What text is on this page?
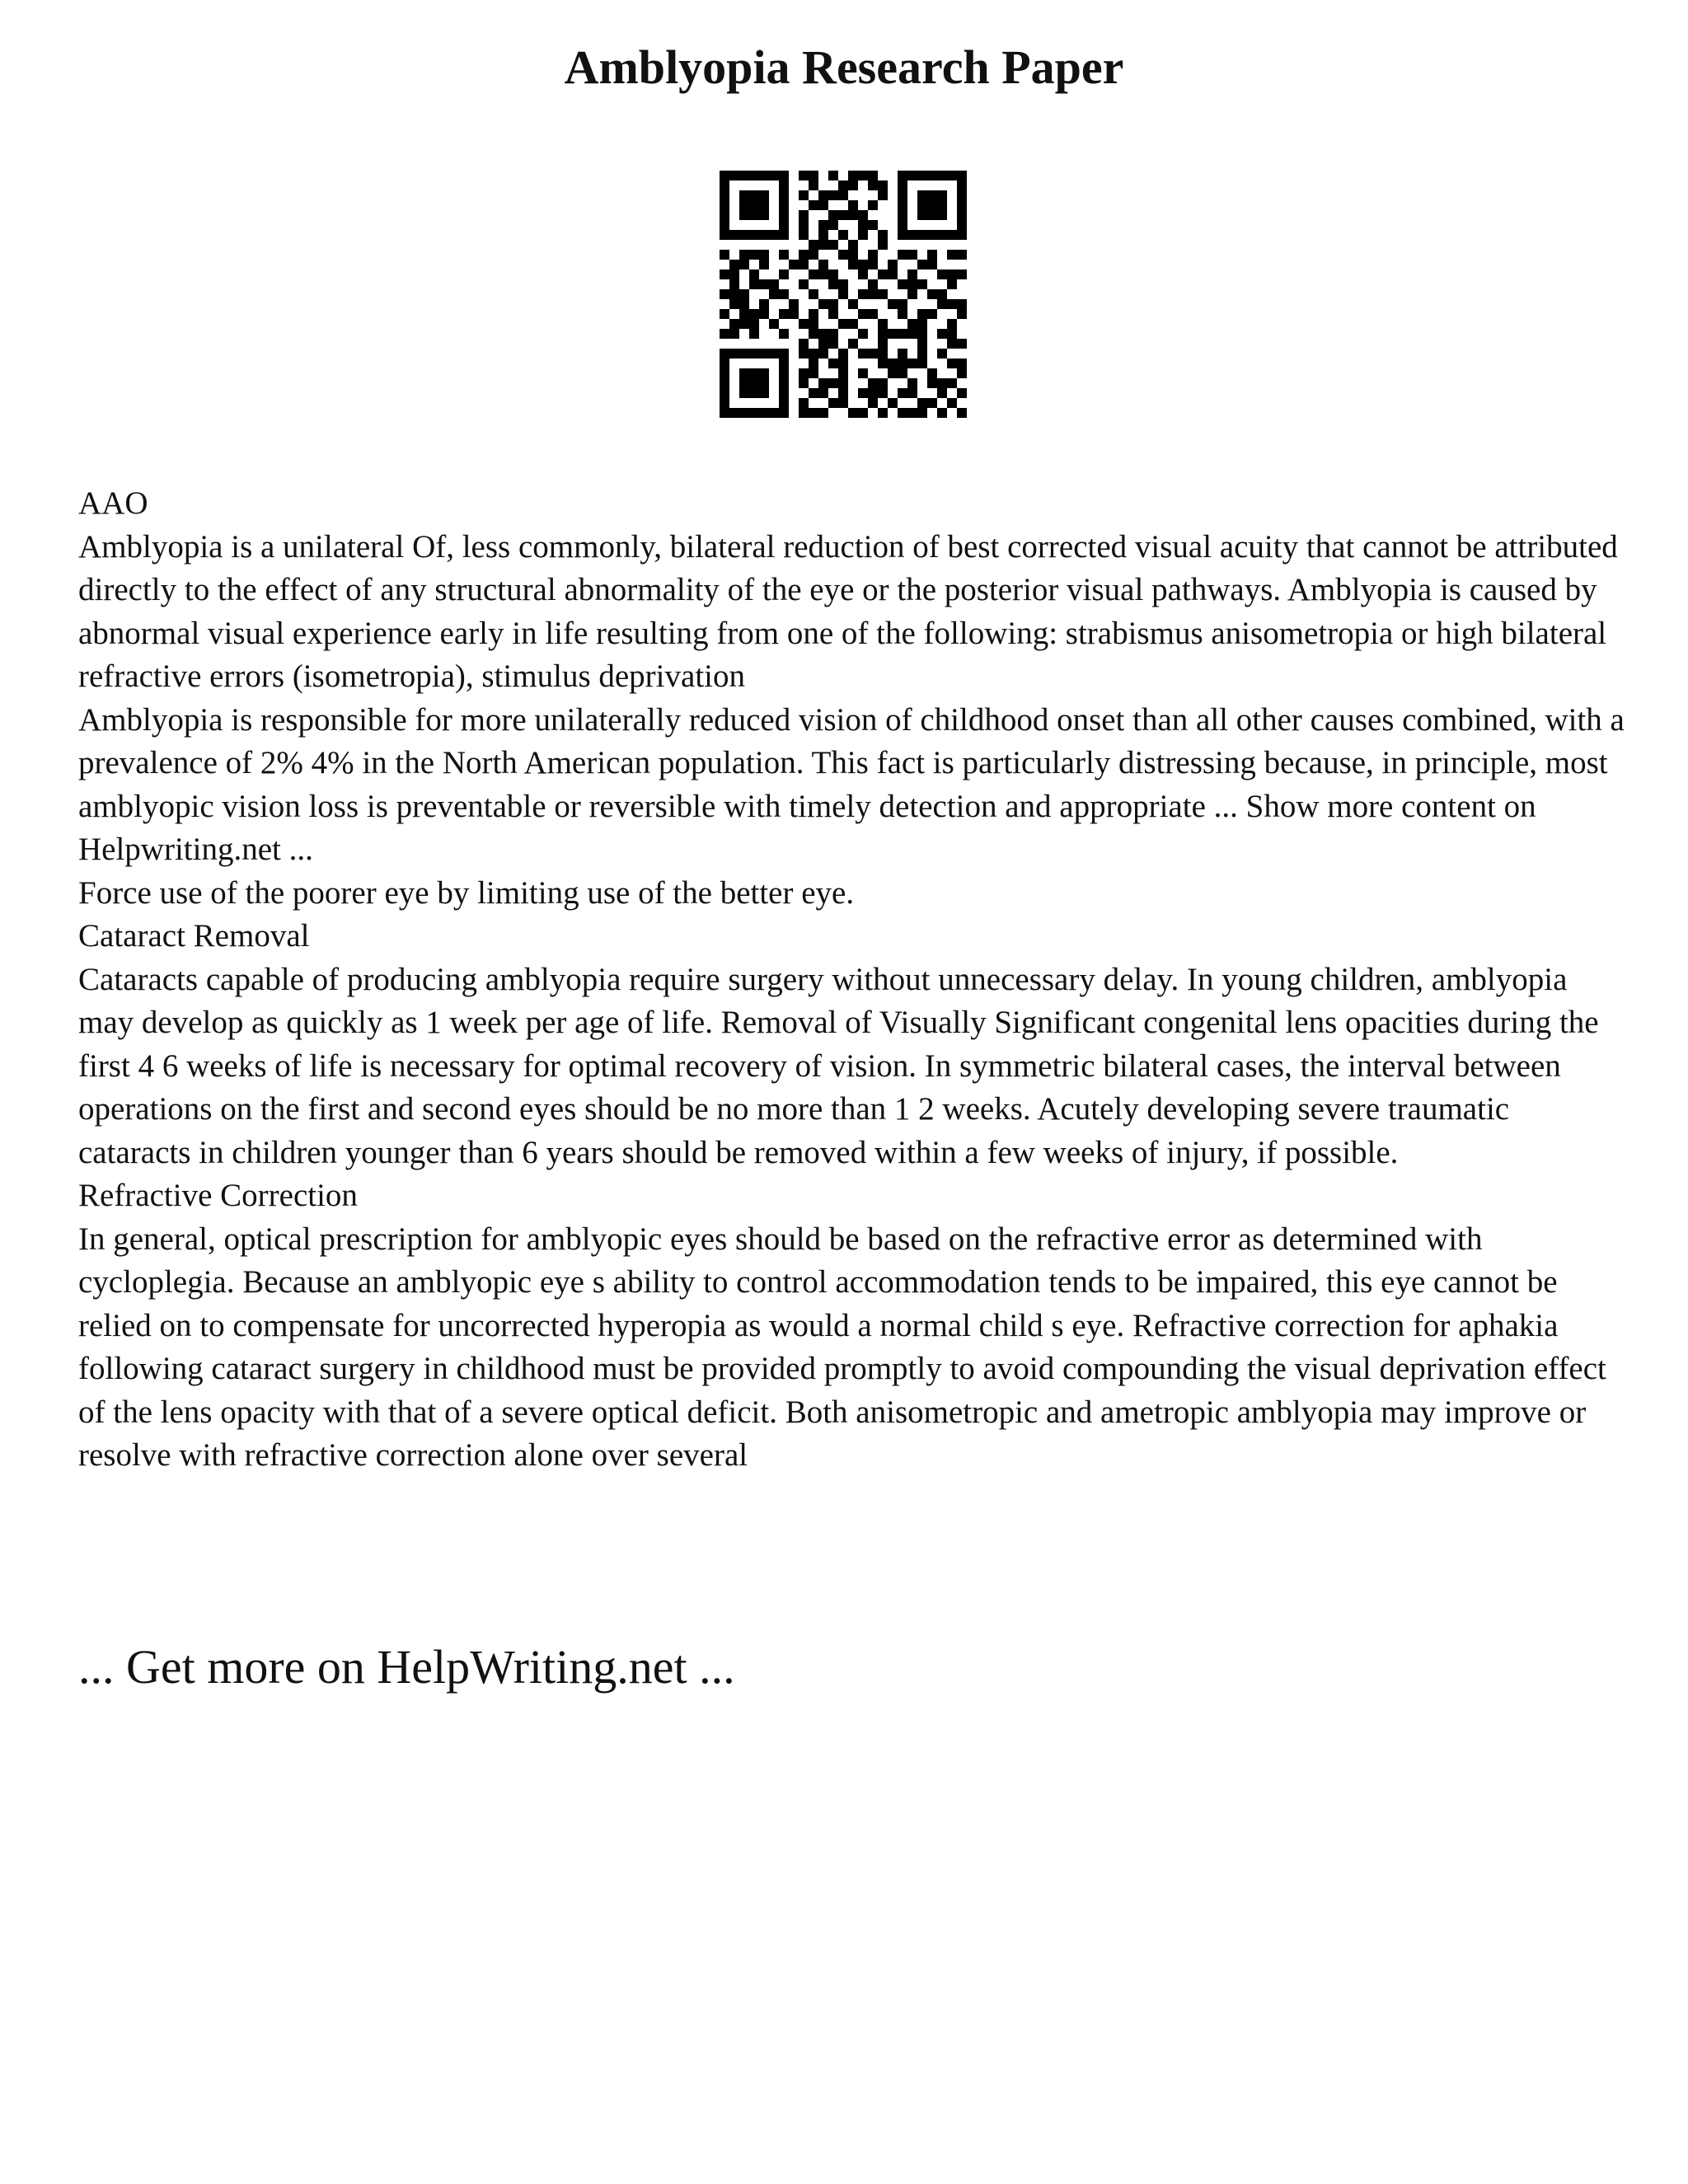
Amblyopia Research Paper

AAO

Amblyopia is a unilateral Of, less commonly, bilateral reduction of best corrected visual acuity that cannot be attributed directly to the effect of any structural abnormality of the eye or the posterior visual pathways. Amblyopia is caused by abnormal visual experience early in life resulting from one of the following: strabismus anisometropia or high bilateral refractive errors (isometropia), stimulus deprivation

Amblyopia is responsible for more unilaterally reduced vision of childhood onset than all other causes combined, with a prevalence of 2% 4% in the North American population. This fact is particularly distressing because, in principle, most amblyopic vision loss is preventable or reversible with timely detection and appropriate ... Show more content on Helpwriting.net ...

Force use of the poorer eye by limiting use of the better eye.

Cataract Removal

Cataracts capable of producing amblyopia require surgery without unnecessary delay. In young children, amblyopia may develop as quickly as 1 week per age of life. Removal of Visually Significant congenital lens opacities during the first 4 6 weeks of life is necessary for optimal recovery of vision. In symmetric bilateral cases, the interval between operations on the first and second eyes should be no more than 1 2 weeks. Acutely developing severe traumatic cataracts in children younger than 6 years should be removed within a few weeks of injury, if possible.

Refractive Correction

In general, optical prescription for amblyopic eyes should be based on the refractive error as determined with cycloplegia. Because an amblyopic eye s ability to control accommodation tends to be impaired, this eye cannot be relied on to compensate for uncorrected hyperopia as would a normal child s eye. Refractive correction for aphakia following cataract surgery in childhood must be provided promptly to avoid compounding the visual deprivation effect of the lens opacity with that of a severe optical deficit. Both anisometropic and ametropic amblyopia may improve or resolve with refractive correction alone over several

... Get more on HelpWriting.net ...
